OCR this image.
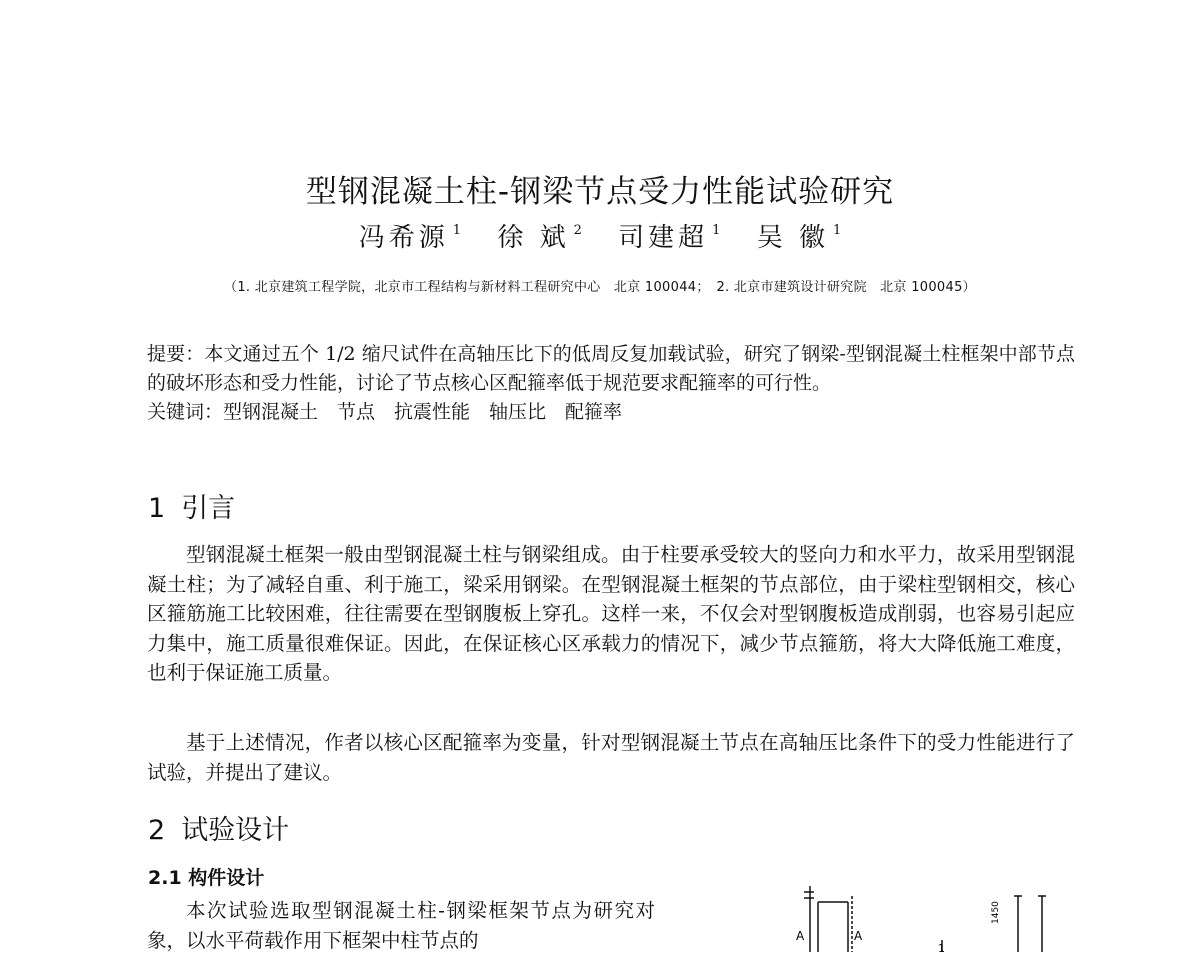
型钢混凝土柱-钢梁节点受力性能试验研究
冯希源 $^1$ 徐 斌 $^2$ 司建超 $^1$ 吴 徽 $^1$
（1. 北京建筑工程学院，北京市工程结构与新材料工程研究中心　北京 100044；　2. 北京市建筑设计研究院　北京 100045）

提要：本文通过五个 1/2 缩尺试件在高轴压比下的低周反复加载试验，研究了钢梁-型钢混凝土柱框架中部节点的破坏形态和受力性能，讨论了节点核心区配箍率低于规范要求配箍率的可行性。

关键词：型钢混凝土　节点　抗震性能　轴压比　配箍率

1 引言

型钢混凝土框架一般由型钢混凝土柱与钢梁组成。由于柱要承受较大的竖向力和水平力，故采用型钢混凝土柱；为了减轻自重、利于施工，梁采用钢梁。在型钢混凝土框架的节点部位，由于梁柱型钢相交，核心区箍筋施工比较困难，往往需要在型钢腹板上穿孔。这样一来，不仅会对型钢腹板造成削弱，也容易引起应力集中，施工质量很难保证。因此，在保证核心区承载力的情况下，减少节点箍筋，将大大降低施工难度，也利于保证施工质量。

基于上述情况，作者以核心区配箍率为变量，针对型钢混凝土节点在高轴压比条件下的受力性能进行了试验，并提出了建议。

2 试验设计
2.1 构件设计

本次试验选取型钢混凝土柱-钢梁框架节点为研究对象，以水平荷载作用下框架中柱节点的	A	A
1
1450
